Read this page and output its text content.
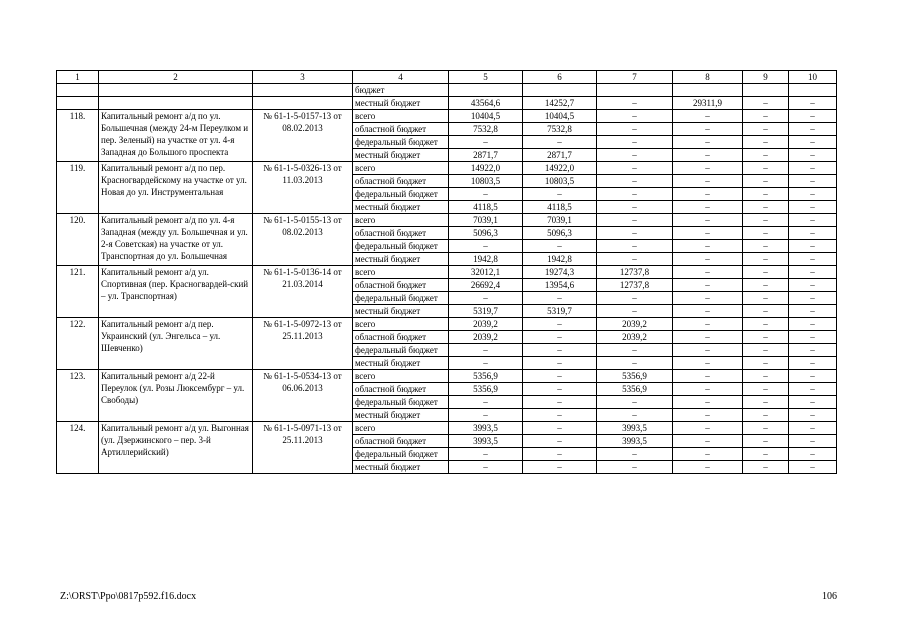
1	2	3	4	5	6	7	8	9	10
			бюджет						
			местный бюджет	43564,6	14252,7	–	29311,9	–	–
118.	Капитальный ремонт а/д по ул. Большечная (между 24-м Переулком и пер. Зеленый) на участке от ул. 4-я Западная до Большого проспекта	№ 61-1-5-0157-13 от 08.02.2013	всего	10404,5	10404,5	–	–	–	–
			областной бюджет	7532,8	7532,8	–	–	–	–
			федеральный бюджет	–	–	–	–	–	–
			местный бюджет	2871,7	2871,7	–	–	–	–
119.	Капитальный ремонт а/д по пер. Красногвардейскому на участке от ул. Новая до ул. Инструментальная	№ 61-1-5-0326-13 от 11.03.2013	всего	14922,0	14922,0	–	–	–	–
			областной бюджет	10803,5	10803,5	–	–	–	–
			федеральный бюджет	–	–	–	–	–	–
			местный бюджет	4118,5	4118,5	–	–	–	–
120.	Капитальный ремонт а/д по ул. 4-я Западная (между ул. Большечная и ул. 2-я Советская) на участке от ул. Транспортная до ул. Большечная	№ 61-1-5-0155-13 от 08.02.2013	всего	7039,1	7039,1	–	–	–	–
			областной бюджет	5096,3	5096,3	–	–	–	–
			федеральный бюджет	–	–	–	–	–	–
			местный бюджет	1942,8	1942,8	–	–	–	–
121.	Капитальный ремонт а/д ул. Спортивная (пер. Красногвардей-ский – ул. Транспортная)	№ 61-1-5-0136-14 от 21.03.2014	всего	32012,1	19274,3	12737,8	–	–	–
			областной бюджет	26692,4	13954,6	12737,8	–	–	–
			федеральный бюджет	–	–	–	–	–	–
			местный бюджет	5319,7	5319,7	–	–	–	–
122.	Капитальный ремонт а/д пер. Украинский (ул. Энгельса – ул. Шевченко)	№ 61-1-5-0972-13 от 25.11.2013	всего	2039,2	–	2039,2	–	–	–
			областной бюджет	2039,2	–	2039,2	–	–	–
			федеральный бюджет	–	–	–	–	–	–
			местный бюджет	–	–	–	–	–	–
123.	Капитальный ремонт а/д 22-й Переулок (ул. Розы Люксембург – ул. Свободы)	№ 61-1-5-0534-13 от 06.06.2013	всего	5356,9	–	5356,9	–	–	–
			областной бюджет	5356,9	–	5356,9	–	–	–
			федеральный бюджет	–	–	–	–	–	–
			местный бюджет	–	–	–	–	–	–
124.	Капитальный ремонт а/д ул. Выгонная (ул. Дзержинского – пер. 3-й Артиллерийский)	№ 61-1-5-0971-13 от 25.11.2013	всего	3993,5	–	3993,5	–	–	–
			областной бюджет	3993,5	–	3993,5	–	–	–
			федеральный бюджет	–	–	–	–	–	–
			местный бюджет	–	–	–	–	–	–
Z:\ORST\Ppo\0817p592.f16.docx	106
